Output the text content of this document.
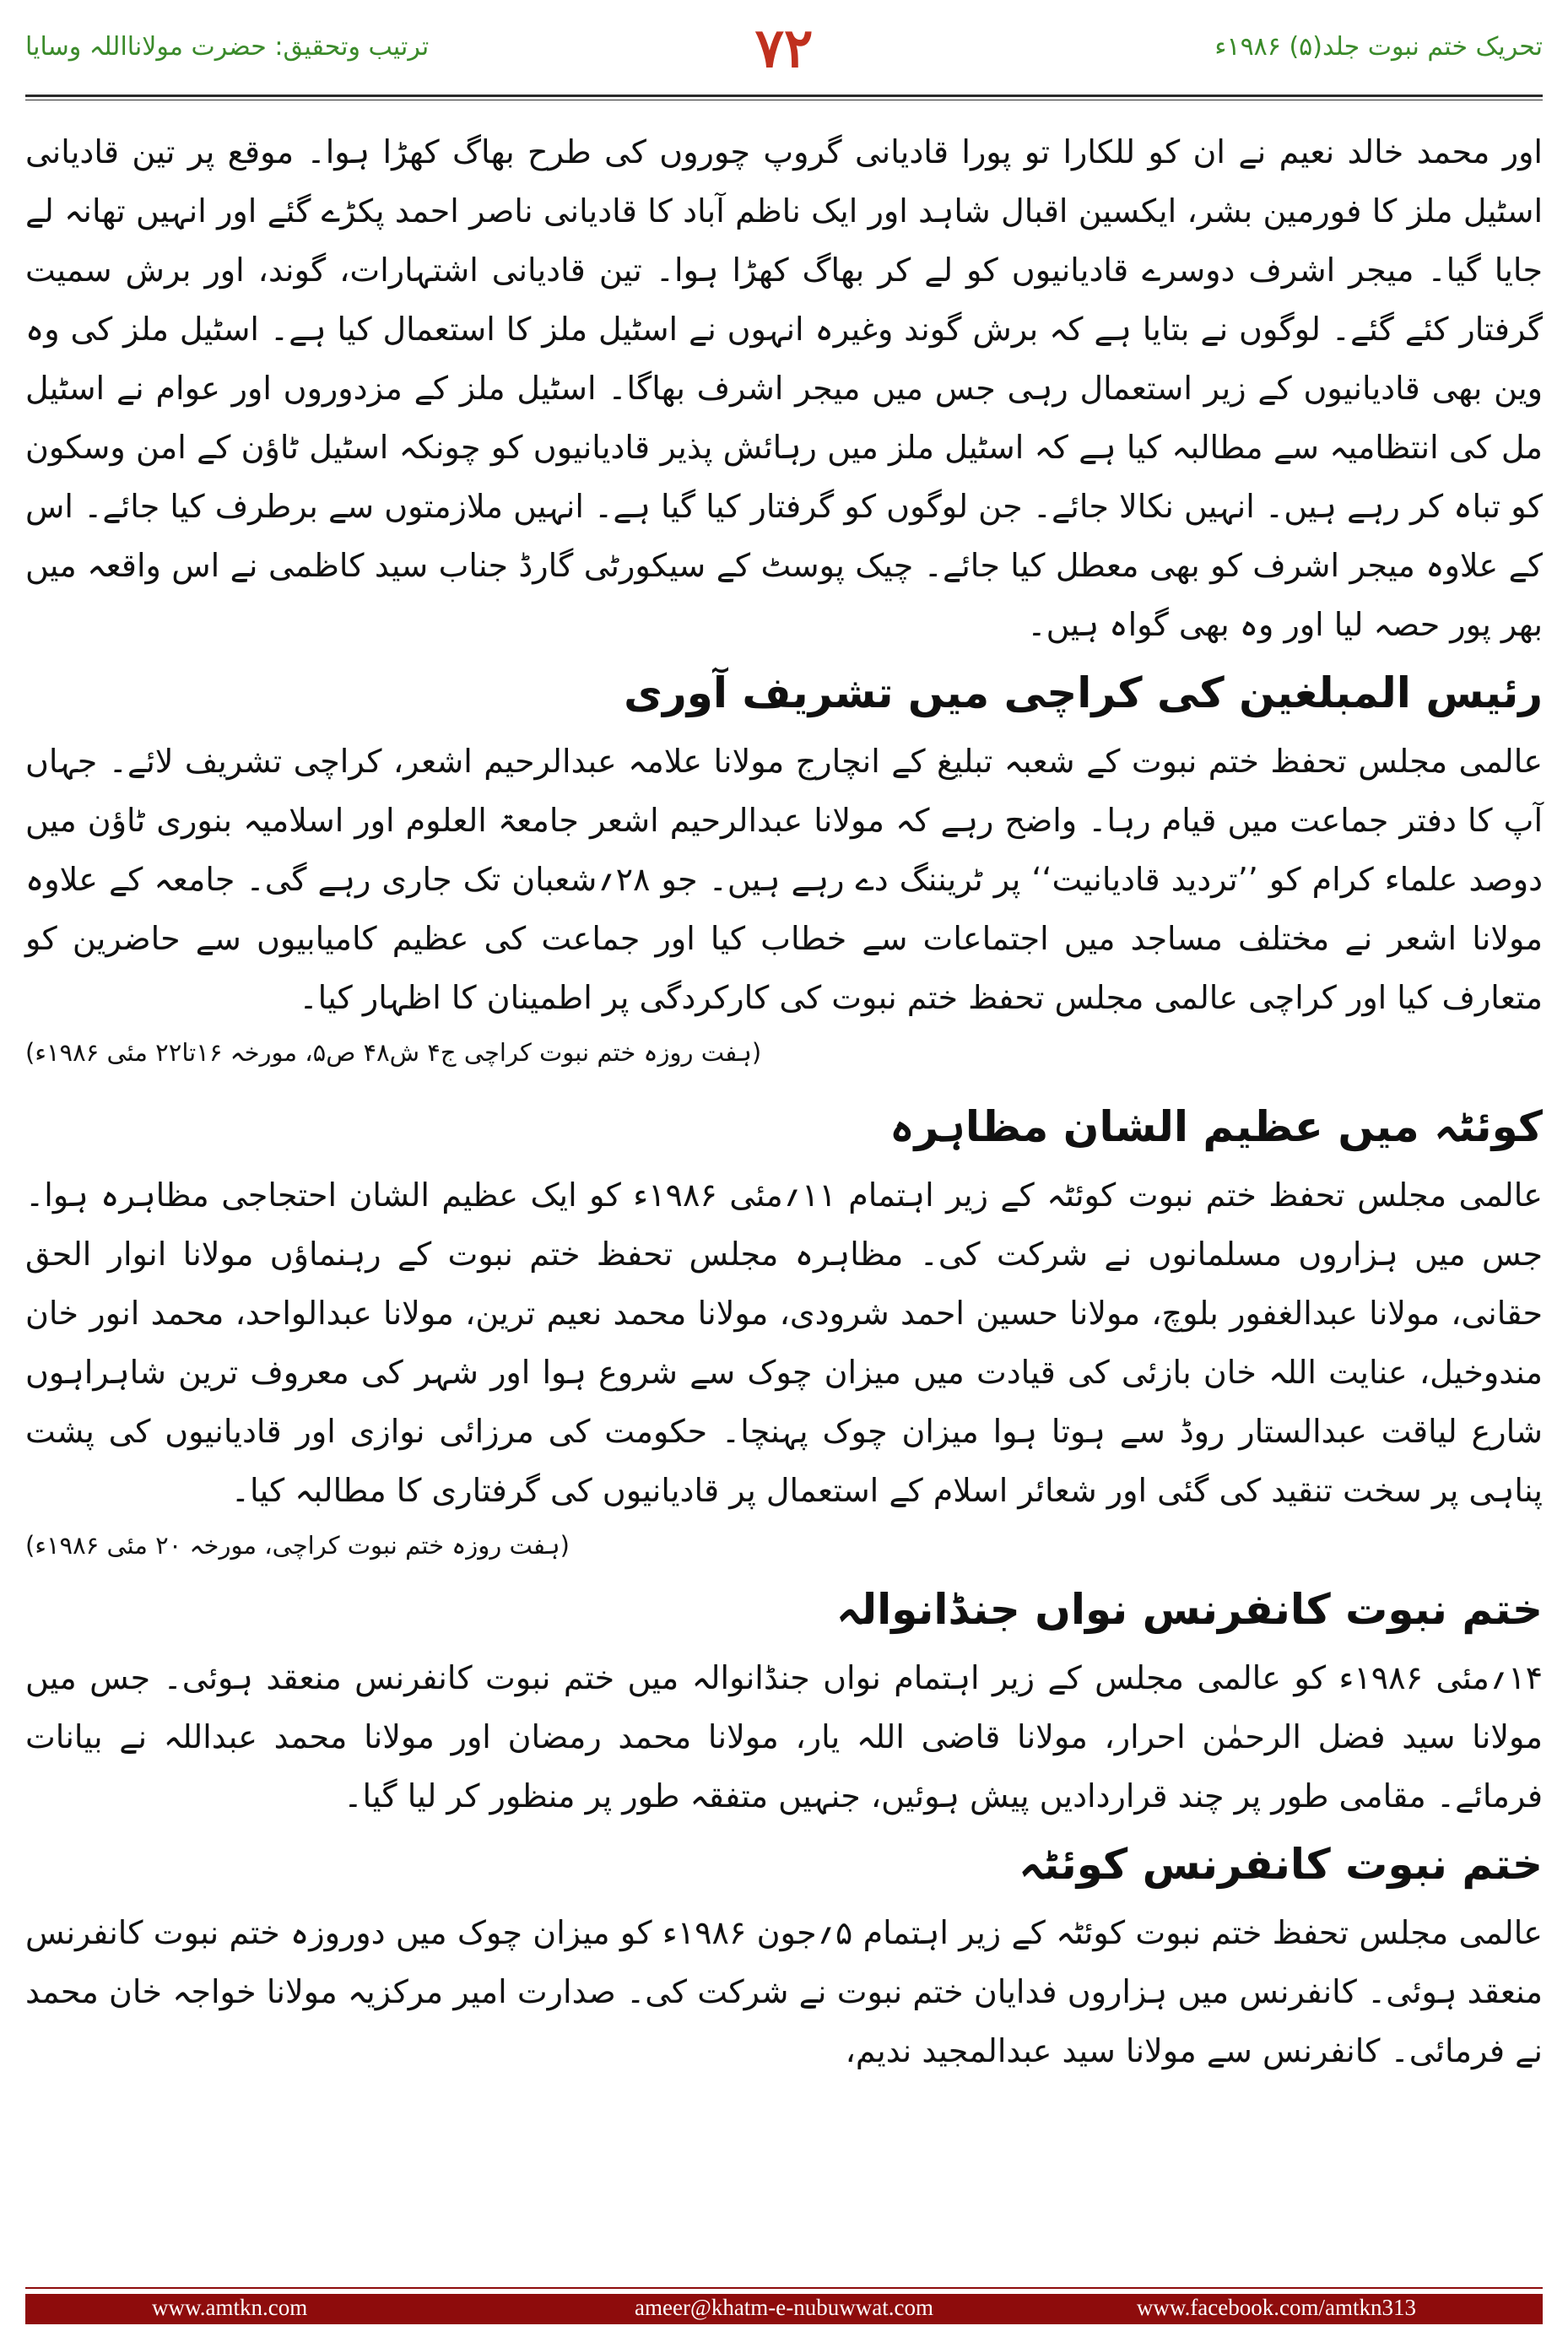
تحریک ختم نبوت جلد(۵) ۱۹۸۶ء
۷۲
ترتیب وتحقیق: حضرت مولانااللہ وسایا

اور محمد خالد نعیم نے ان کو للکارا تو پورا قادیانی گروپ چوروں کی طرح بھاگ کھڑا ہوا۔ موقع پر تین قادیانی اسٹیل ملز کا فورمین بشر، ایکسین اقبال شاہد اور ایک ناظم آباد کا قادیانی ناصر احمد پکڑے گئے اور انہیں تھانہ لے جایا گیا۔ میجر اشرف دوسرے قادیانیوں کو لے کر بھاگ کھڑا ہوا۔ تین قادیانی اشتہارات، گوند، اور برش سمیت گرفتار کئے گئے۔ لوگوں نے بتایا ہے کہ برش گوند وغیرہ انہوں نے اسٹیل ملز کا استعمال کیا ہے۔ اسٹیل ملز کی وہ وین بھی قادیانیوں کے زیر استعمال رہی جس میں میجر اشرف بھاگا۔ اسٹیل ملز کے مزدوروں اور عوام نے اسٹیل مل کی انتظامیہ سے مطالبہ کیا ہے کہ اسٹیل ملز میں رہائش پذیر قادیانیوں کو چونکہ اسٹیل ٹاؤن کے امن وسکون کو تباہ کر رہے ہیں۔ انہیں نکالا جائے۔ جن لوگوں کو گرفتار کیا گیا ہے۔ انہیں ملازمتوں سے برطرف کیا جائے۔ اس کے علاوہ میجر اشرف کو بھی معطل کیا جائے۔ چیک پوسٹ کے سیکورٹی گارڈ جناب سید کاظمی نے اس واقعہ میں بھر پور حصہ لیا اور وہ بھی گواہ ہیں۔

رئیس المبلغین کی کراچی میں تشریف آوری

عالمی مجلس تحفظ ختم نبوت کے شعبہ تبلیغ کے انچارج مولانا علامہ عبدالرحیم اشعر، کراچی تشریف لائے۔ جہاں آپ کا دفتر جماعت میں قیام رہا۔ واضح رہے کہ مولانا عبدالرحیم اشعر جامعۃ العلوم اور اسلامیہ بنوری ٹاؤن میں دوصد علماء کرام کو ’’تردید قادیانیت‘‘ پر ٹریننگ دے رہے ہیں۔ جو ۲۸؍شعبان تک جاری رہے گی۔ جامعہ کے علاوہ مولانا اشعر نے مختلف مساجد میں اجتماعات سے خطاب کیا اور جماعت کی عظیم کامیابیوں سے حاضرین کو متعارف کیا اور کراچی عالمی مجلس تحفظ ختم نبوت کی کارکردگی پر اطمینان کا اظہار کیا۔

(ہفت روزہ ختم نبوت کراچی ج۴ ش۴۸ ص۵، مورخہ ۱۶تا۲۲ مئی ۱۹۸۶ء)

کوئٹہ میں عظیم الشان مظاہرہ

عالمی مجلس تحفظ ختم نبوت کوئٹہ کے زیر اہتمام ۱۱؍مئی ۱۹۸۶ء کو ایک عظیم الشان احتجاجی مظاہرہ ہوا۔ جس میں ہزاروں مسلمانوں نے شرکت کی۔ مظاہرہ مجلس تحفظ ختم نبوت کے رہنماؤں مولانا انوار الحق حقانی، مولانا عبدالغفور بلوچ، مولانا حسین احمد شرودی، مولانا محمد نعیم ترین، مولانا عبدالواحد، محمد انور خان مندوخیل، عنایت اللہ خان بازئی کی قیادت میں میزان چوک سے شروع ہوا اور شہر کی معروف ترین شاہراہوں شارع لیاقت عبدالستار روڈ سے ہوتا ہوا میزان چوک پہنچا۔ حکومت کی مرزائی نوازی اور قادیانیوں کی پشت پناہی پر سخت تنقید کی گئی اور شعائر اسلام کے استعمال پر قادیانیوں کی گرفتاری کا مطالبہ کیا۔

(ہفت روزہ ختم نبوت کراچی، مورخہ ۲۰ مئی ۱۹۸۶ء)

ختم نبوت کانفرنس نواں جنڈانوالہ

۱۴؍مئی ۱۹۸۶ء کو عالمی مجلس کے زیر اہتمام نواں جنڈانوالہ میں ختم نبوت کانفرنس منعقد ہوئی۔ جس میں مولانا سید فضل الرحمٰن احرار، مولانا قاضی اللہ یار، مولانا محمد رمضان اور مولانا محمد عبداللہ نے بیانات فرمائے۔ مقامی طور پر چند قراردادیں پیش ہوئیں، جنہیں متفقہ طور پر منظور کر لیا گیا۔

ختم نبوت کانفرنس کوئٹہ

عالمی مجلس تحفظ ختم نبوت کوئٹہ کے زیر اہتمام ۵؍جون ۱۹۸۶ء کو میزان چوک میں دوروزہ ختم نبوت کانفرنس منعقد ہوئی۔ کانفرنس میں ہزاروں فدایان ختم نبوت نے شرکت کی۔ صدارت امیر مرکزیہ مولانا خواجہ خان محمد نے فرمائی۔ کانفرنس سے مولانا سید عبدالمجید ندیم،

www.amtkn.com	ameer@khatm-e-nubuwwat.com	www.facebook.com/amtkn313
